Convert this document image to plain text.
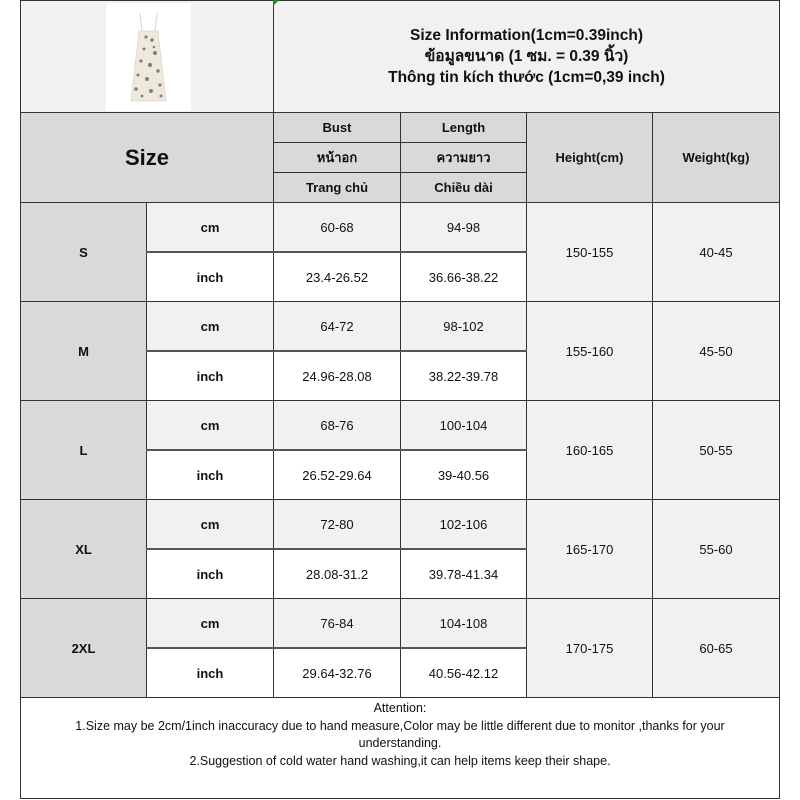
Size Information(1cm=0.39inch)
ข้อมูลขนาด (1 ซม. = 0.39 นิ้ว)
Thông tin kích thước (1cm=0,39 inch)			

Size		Bust	Length	Height(cm)	Weight(kg)
		หน้าอก	ความยาว		
		Trang chủ	Chiều dài		
S	cm	60-68	94-98	150-155	40-45
	inch	23.4-26.52	36.66-38.22		
M	cm	64-72	98-102	155-160	45-50
	inch	24.96-28.08	38.22-39.78		
L	cm	68-76	100-104	160-165	50-55
	inch	26.52-29.64	39-40.56		
XL	cm	72-80	102-106	165-170	55-60
	inch	28.08-31.2	39.78-41.34		
2XL	cm	76-84	104-108	170-175	60-65
	inch	29.64-32.76	40.56-42.12		

Attention:
1.Size may be 2cm/1inch inaccuracy due to hand measure,Color may be little different due to monitor ,thanks for your
understanding.
2.Suggestion of cold water hand washing,it can help items keep their shape.					
